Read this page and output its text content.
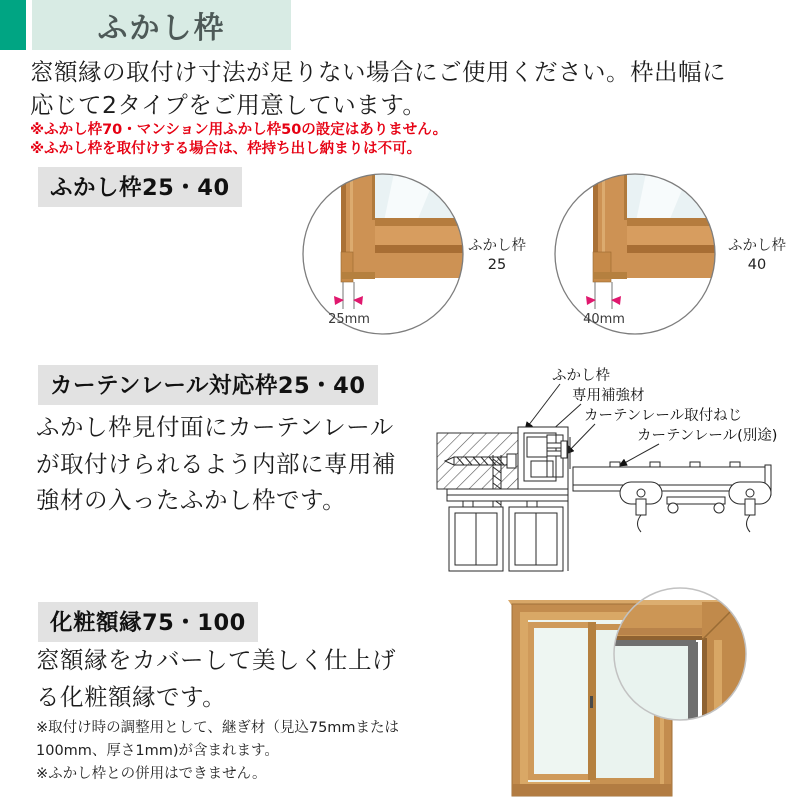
ふかし枠
窓額縁の取付け寸法が足りない場合にご使用ください。枠出幅に
応じて2タイプをご用意しています。
※ふかし枠70・マンション用ふかし枠50の設定はありません。
※ふかし枠を取付けする場合は、枠持ち出し納まりは不可。
ふかし枠25・40
25mm
ふかし枠
25
40mm
ふかし枠
40
カーテンレール対応枠25・40
ふかし枠見付面にカーテンレール
が取付けられるよう内部に専用補
強材の入ったふかし枠です。
ふかし枠
専用補強材
カーテンレール取付ねじ
カーテンレール(別途)
化粧額縁75・100
窓額縁をカバーして美しく仕上げ
る化粧額縁です。
※取付け時の調整用として、継ぎ材（見込75mmまたは
100mm、厚さ1mm)が含まれます。
※ふかし枠との併用はできません。
